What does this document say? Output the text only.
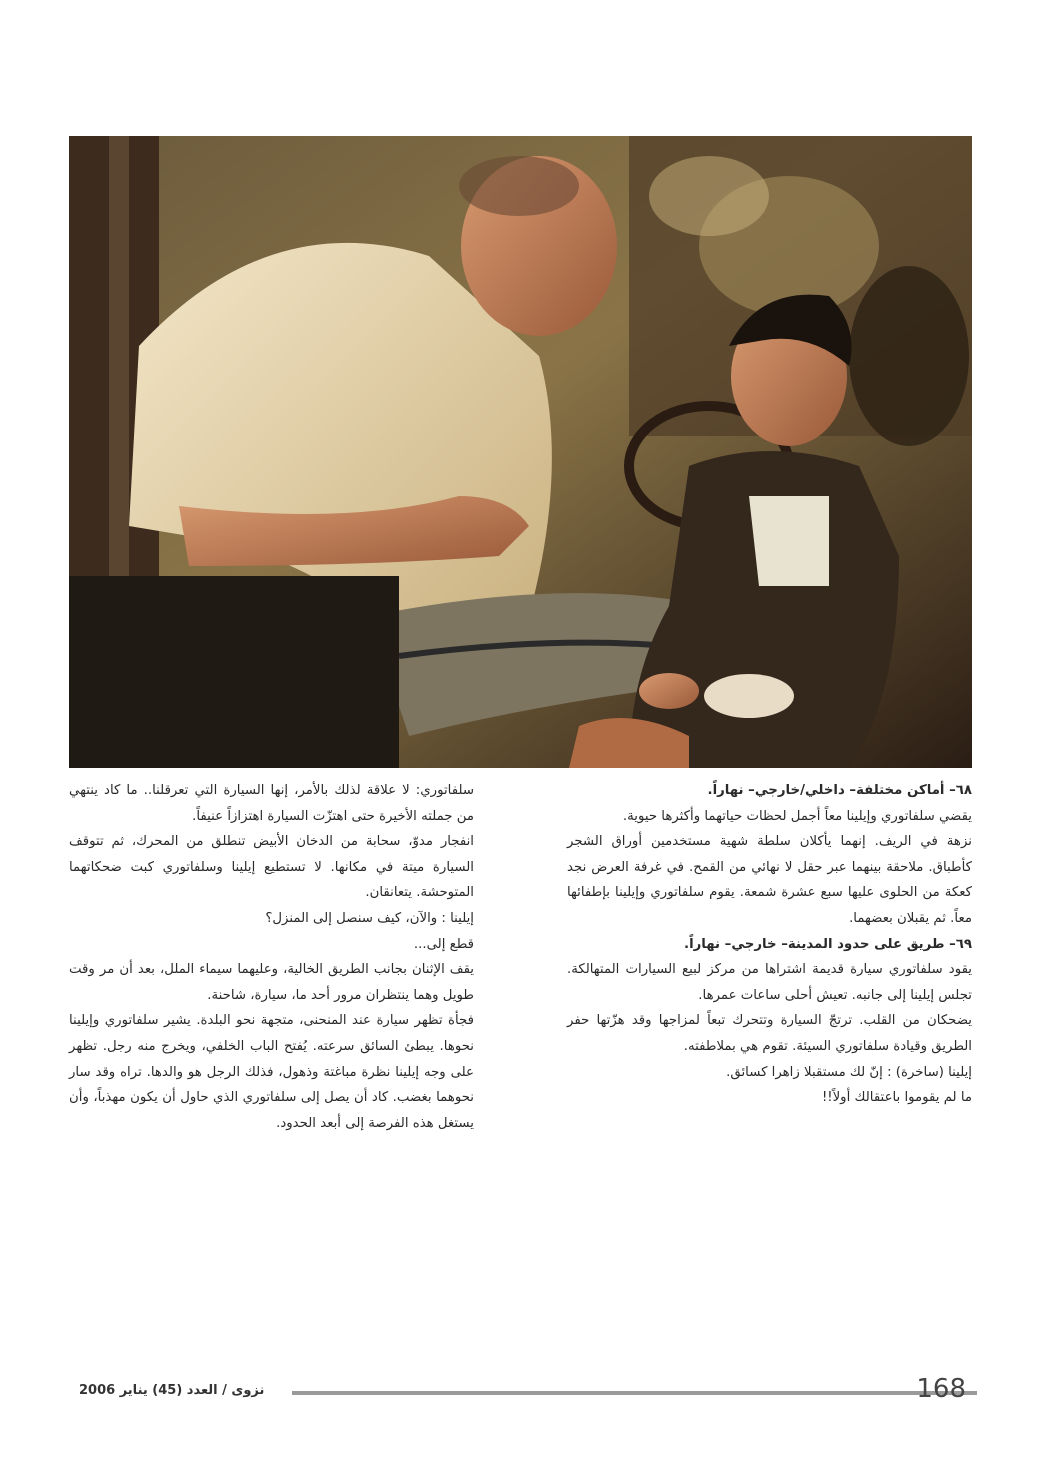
٦٨– أماكن مختلفة– داخلي/خارجي– نهاراً.

يقضي سلفاتوري وإيلينا معاً أجمل لحظات حياتهما وأكثرها حيوية.

نزهة في الريف. إنهما يأكلان سلطة شهية مستخدمين أوراق الشجر كأطباق. ملاحقة بينهما عبر حقل لا نهائي من القمح. في غرفة العرض نجد كعكة من الحلوى عليها سبع عشرة شمعة. يقوم سلفاتوري وإيلينا بإطفائها معاً. ثم يقبلان بعضهما.

٦٩– طريق على حدود المدينة– خارجي– نهاراً.

يقود سلفاتوري سيارة قديمة اشتراها من مركز لبيع السيارات المتهالكة. تجلس إيلينا إلى جانبه. تعيش أحلى ساعات عمرها.

يضحكان من القلب. ترتجّ السيارة وتتحرك تبعاً لمزاجها وقد هزّتها حفر الطريق وقيادة سلفاتوري السيئة. تقوم هي بملاطفته.

إيلينا (ساخرة) : إنّ لك مستقبلا زاهرا كسائق.

ما لم يقوموا باعتقالك أولاً!!

سلفاتوري: لا علاقة لذلك بالأمر، إنها السيارة التي تعرقلنا.. ما كاد ينتهي من جملته الأخيرة حتى اهتزّت السيارة اهتزازاً عنيفاً.

انفجار مدوّ، سحابة من الدخان الأبيض تنطلق من المحرك، ثم تتوقف السيارة ميتة في مكانها. لا تستطيع إيلينا وسلفاتوري كبت ضحكاتهما المتوحشة. يتعانقان.

إيلينا : والآن، كيف سنصل إلى المنزل؟

قطع إلى...

يقف الإثنان بجانب الطريق الخالية، وعليهما سيماء الملل، بعد أن مر وقت طويل وهما ينتظران مرور أحد ما، سيارة، شاحنة.

فجأة تظهر سيارة عند المنحنى، متجهة نحو البلدة. يشير سلفاتوري وإيلينا نحوها. يبطئ السائق سرعته. يُفتح الباب الخلفي، ويخرج منه رجل. تظهر على وجه إيلينا نظرة مباغتة وذهول، فذلك الرجل هو والدها. تراه وقد سار نحوهما بغضب. كاد أن يصل إلى سلفاتوري الذي حاول أن يكون مهذباً، وأن يستغل هذه الفرصة إلى أبعد الحدود.

نزوى / العدد (45) يناير 2006	168
